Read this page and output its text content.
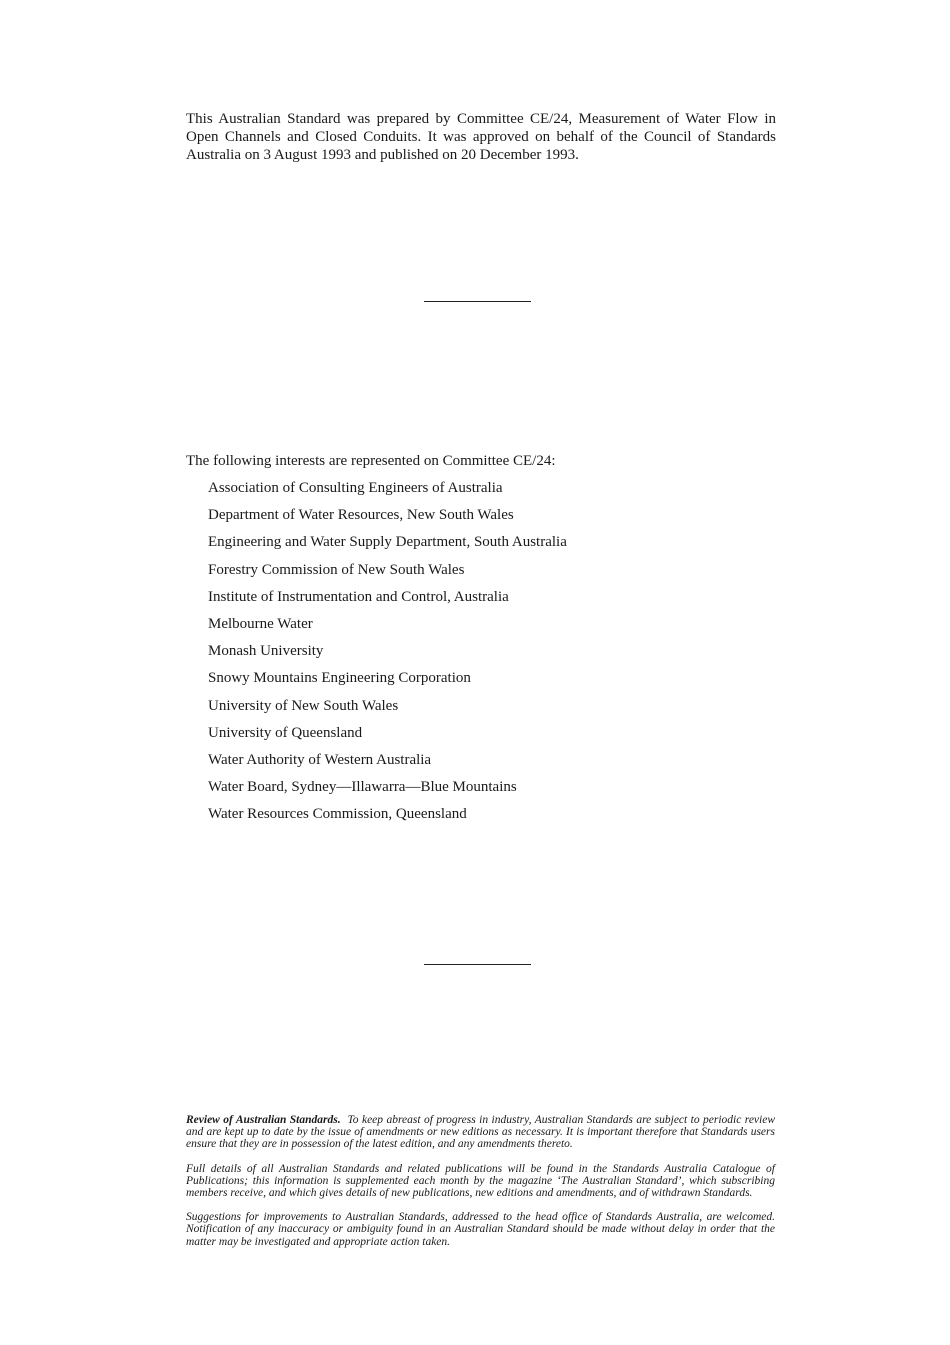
This Australian Standard was prepared by Committee CE/24, Measurement of Water Flow in Open Channels and Closed Conduits. It was approved on behalf of the Council of Standards Australia on 3 August 1993 and published on 20 December 1993.

The following interests are represented on Committee CE/24:

Association of Consulting Engineers of Australia
Department of Water Resources, New South Wales
Engineering and Water Supply Department, South Australia
Forestry Commission of New South Wales
Institute of Instrumentation and Control, Australia
Melbourne Water
Monash University
Snowy Mountains Engineering Corporation
University of New South Wales
University of Queensland
Water Authority of Western Australia
Water Board, Sydney—Illawarra—Blue Mountains
Water Resources Commission, Queensland

Review of Australian Standards. To keep abreast of progress in industry, Australian Standards are subject to periodic review and are kept up to date by the issue of amendments or new editions as necessary. It is important therefore that Standards users ensure that they are in possession of the latest edition, and any amendments thereto.

Full details of all Australian Standards and related publications will be found in the Standards Australia Catalogue of Publications; this information is supplemented each month by the magazine ‘The Australian Standard’, which subscribing members receive, and which gives details of new publications, new editions and amendments, and of withdrawn Standards.

Suggestions for improvements to Australian Standards, addressed to the head office of Standards Australia, are welcomed. Notification of any inaccuracy or ambiguity found in an Australian Standard should be made without delay in order that the matter may be investigated and appropriate action taken.
